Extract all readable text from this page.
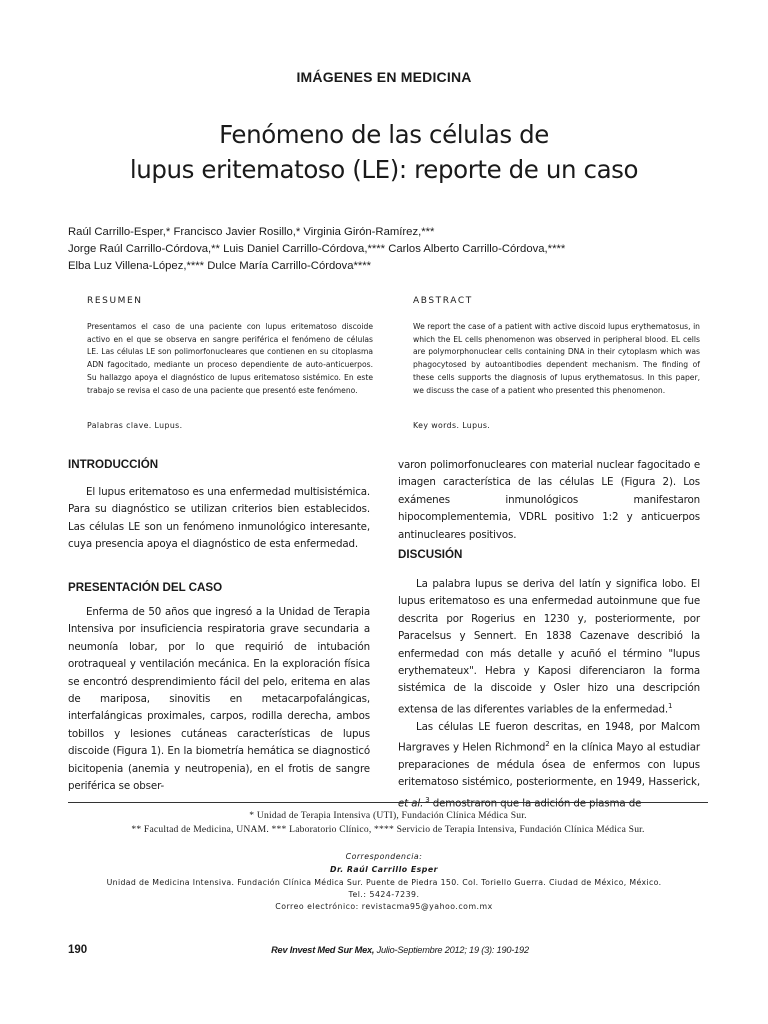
IMÁGENES EN MEDICINA
Fenómeno de las células de
lupus eritematoso (LE): reporte de un caso
Raúl Carrillo-Esper,* Francisco Javier Rosillo,* Virginia Girón-Ramírez,***
Jorge Raúl Carrillo-Córdova,** Luis Daniel Carrillo-Córdova,**** Carlos Alberto Carrillo-Córdova,****
Elba Luz Villena-López,**** Dulce María Carrillo-Córdova****
RESUMEN

Presentamos el caso de una paciente con lupus eritematoso discoide activo en el que se observa en sangre periférica el fenómeno de células LE. Las células LE son polimorfonucleares que contienen en su citoplasma ADN fagocitado, mediante un proceso dependiente de auto-anticuerpos. Su hallazgo apoya el diagnóstico de lupus eritematoso sistémico. En este trabajo se revisa el caso de una paciente que presentó este fenómeno.

Palabras clave. Lupus.
ABSTRACT

We report the case of a patient with active discoid lupus erythematosus, in which the EL cells phenomenon was observed in peripheral blood. EL cells are polymorphonuclear cells containing DNA in their cytoplasm which was phagocytosed by autoantibodies dependent mechanism. The finding of these cells supports the diagnosis of lupus erythematosus. In this paper, we discuss the case of a patient who presented this phenomenon.

Key words. Lupus.
INTRODUCCIÓN

El lupus eritematoso es una enfermedad multisistémica. Para su diagnóstico se utilizan criterios bien establecidos. Las células LE son un fenómeno inmunológico interesante, cuya presencia apoya el diagnóstico de esta enfermedad.

PRESENTACIÓN DEL CASO

Enferma de 50 años que ingresó a la Unidad de Terapia Intensiva por insuficiencia respiratoria grave secundaria a neumonía lobar, por lo que requirió de intubación orotraqueal y ventilación mecánica. En la exploración física se encontró desprendimiento fácil del pelo, eritema en alas de mariposa, sinovitis en metacarpofalángicas, interfalángicas proximales, carpos, rodilla derecha, ambos tobillos y lesiones cutáneas características de lupus discoide (Figura 1). En la biometría hemática se diagnosticó bicitopenia (anemia y neutropenia), en el frotis de sangre periférica se obser-

varon polimorfonucleares con material nuclear fagocitado e imagen característica de las células LE (Figura 2). Los exámenes inmunológicos manifestaron hipocomplementemia, VDRL positivo 1:2 y anticuerpos antinucleares positivos.

DISCUSIÓN

La palabra lupus se deriva del latín y significa lobo. El lupus eritematoso es una enfermedad autoinmune que fue descrita por Rogerius en 1230 y, posteriormente, por Paracelsus y Sennert. En 1838 Cazenave describió la enfermedad con más detalle y acuñó el término "lupus erythemateux". Hebra y Kaposi diferenciaron la forma sistémica de la discoide y Osler hizo una descripción extensa de las diferentes variables de la enfermedad.$^1$

Las células LE fueron descritas, en 1948, por Malcom Hargraves y Helen Richmond$^2$ en la clínica Mayo al estudiar preparaciones de médula ósea de enfermos con lupus eritematoso sistémico, posteriormente, en 1949, Hasserick, et al. $^3$ demostraron que la adición de plasma de

* Unidad de Terapia Intensiva (UTI), Fundación Clínica Médica Sur.
** Facultad de Medicina, UNAM. *** Laboratorio Clínico, **** Servicio de Terapia Intensiva, Fundación Clínica Médica Sur.
Correspondencia:
Dr. Raúl Carrillo Esper
Unidad de Medicina Intensiva. Fundación Clínica Médica Sur. Puente de Piedra 150. Col. Toriello Guerra. Ciudad de México, México.
Tel.: 5424-7239.
Correo electrónico: revistacma95@yahoo.com.mx
190	Rev Invest Med Sur Mex, Julio-Septiembre 2012; 19 (3): 190-192
